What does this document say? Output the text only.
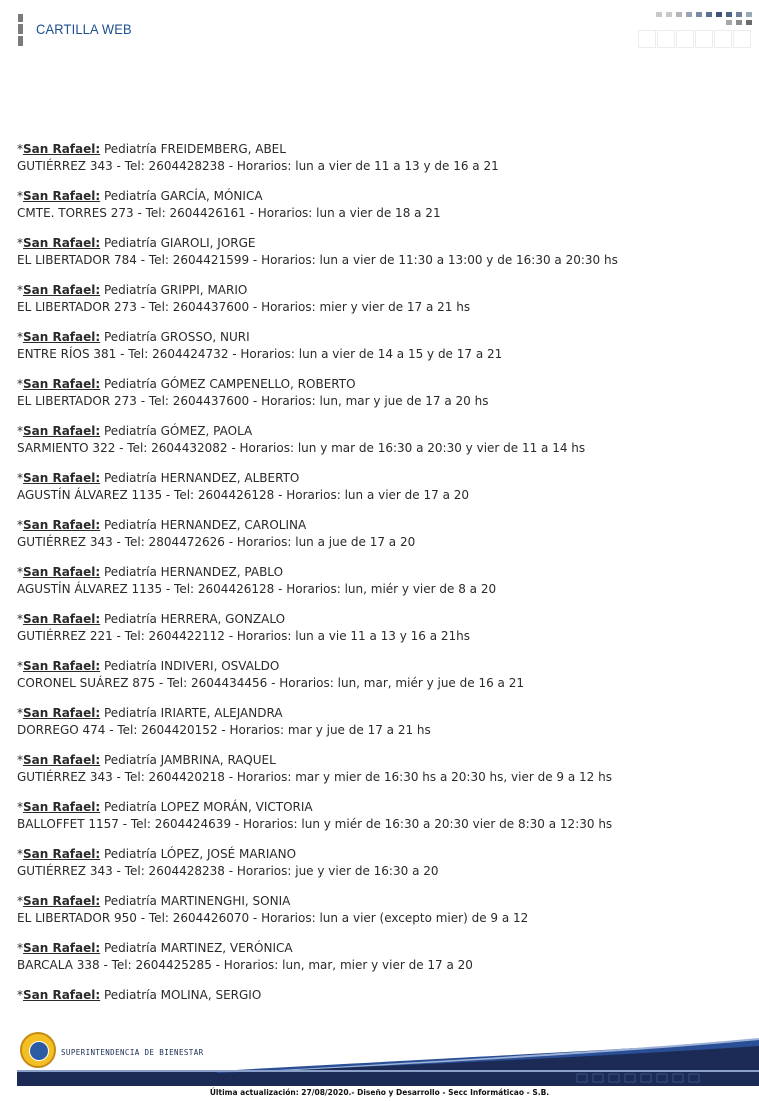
CARTILLA WEB
*San Rafael: Pediatría FREIDEMBERG, ABEL
GUTIÉRREZ 343 - Tel: 2604428238 - Horarios: lun a vier de 11 a 13 y de 16 a 21
*San Rafael: Pediatría GARCÍA, MÓNICA
CMTE. TORRES 273 - Tel: 2604426161 - Horarios: lun a vier de 18 a 21
*San Rafael: Pediatría GIAROLI, JORGE
EL LIBERTADOR 784 - Tel: 2604421599 - Horarios: lun a vier de 11:30 a 13:00 y de 16:30 a 20:30 hs
*San Rafael: Pediatría GRIPPI, MARIO
EL LIBERTADOR 273 - Tel: 2604437600 - Horarios: mier y vier de 17 a 21 hs
*San Rafael: Pediatría GROSSO, NURI
ENTRE RÍOS 381 - Tel: 2604424732 - Horarios: lun a vier de 14 a 15 y de 17 a 21
*San Rafael: Pediatría GÓMEZ CAMPENELLO, ROBERTO
EL LIBERTADOR 273 - Tel: 2604437600 - Horarios: lun, mar y jue de 17 a 20 hs
*San Rafael: Pediatría GÓMEZ, PAOLA
SARMIENTO 322 - Tel: 2604432082 - Horarios: lun y mar de 16:30 a 20:30 y vier de 11 a 14 hs
*San Rafael: Pediatría HERNANDEZ, ALBERTO
AGUSTÍN ÁLVAREZ 1135 - Tel: 2604426128 - Horarios: lun a vier de 17 a 20
*San Rafael: Pediatría HERNANDEZ, CAROLINA
GUTIÉRREZ 343 - Tel: 2804472626 - Horarios: lun a jue de 17 a 20
*San Rafael: Pediatría HERNANDEZ, PABLO
AGUSTÍN ÁLVAREZ 1135 - Tel: 2604426128 - Horarios: lun, miér y vier de 8 a 20
*San Rafael: Pediatría HERRERA, GONZALO
GUTIÉRREZ 221 - Tel: 2604422112 - Horarios: lun a vie 11 a 13 y 16 a 21hs
*San Rafael: Pediatría INDIVERI, OSVALDO
CORONEL SUÁREZ 875 - Tel: 2604434456 - Horarios: lun, mar, miér y jue de 16 a 21
*San Rafael: Pediatría IRIARTE, ALEJANDRA
DORREGO 474 - Tel: 2604420152 - Horarios: mar y jue de 17 a 21 hs
*San Rafael: Pediatría JAMBRINA, RAQUEL
GUTIÉRREZ 343 - Tel: 2604420218 - Horarios: mar y mier de 16:30 hs a 20:30 hs, vier de 9 a 12 hs
*San Rafael: Pediatría LOPEZ MORÁN, VICTORIA
BALLOFFET 1157 - Tel: 2604424639 - Horarios: lun y miér de 16:30 a 20:30 vier de 8:30 a 12:30 hs
*San Rafael: Pediatría LÓPEZ, JOSÉ MARIANO
GUTIÉRREZ 343 - Tel: 2604428238 - Horarios: jue y vier de 16:30 a 20
*San Rafael: Pediatría MARTINENGHI, SONIA
EL LIBERTADOR 950 - Tel: 2604426070 - Horarios: lun a vier (excepto mier) de 9 a 12
*San Rafael: Pediatría MARTINEZ, VERÓNICA
BARCALA 338 - Tel: 2604425285 - Horarios: lun, mar, mier y vier de 17 a 20
*San Rafael: Pediatría MOLINA, SERGIO
SUPERINTENDENCIA DE BIENESTAR
Última actualización: 27/08/2020.- Diseño y Desarrollo - Secc Informáticao - S.B.
